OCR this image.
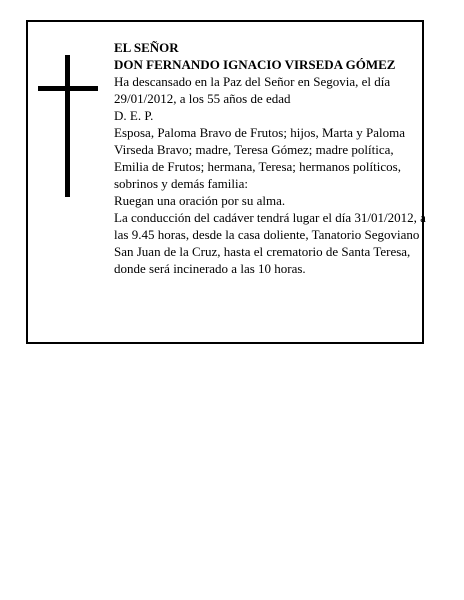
EL SEÑOR
DON FERNANDO IGNACIO VIRSEDA GÓMEZ
Ha descansado en la Paz del Señor en Segovia, el día 29/01/2012, a los 55 años de edad
D. E. P.
Esposa, Paloma Bravo de Frutos; hijos, Marta y Paloma Virseda Bravo; madre, Teresa Gómez; madre política, Emilia de Frutos; hermana, Teresa; hermanos políticos, sobrinos y demás familia:
Ruegan una oración por su alma.
La conducción del cadáver tendrá lugar el día 31/01/2012, a las 9.45 horas, desde la casa doliente, Tanatorio Segoviano San Juan de la Cruz, hasta el crematorio de Santa Teresa, donde será incinerado a las 10 horas.
